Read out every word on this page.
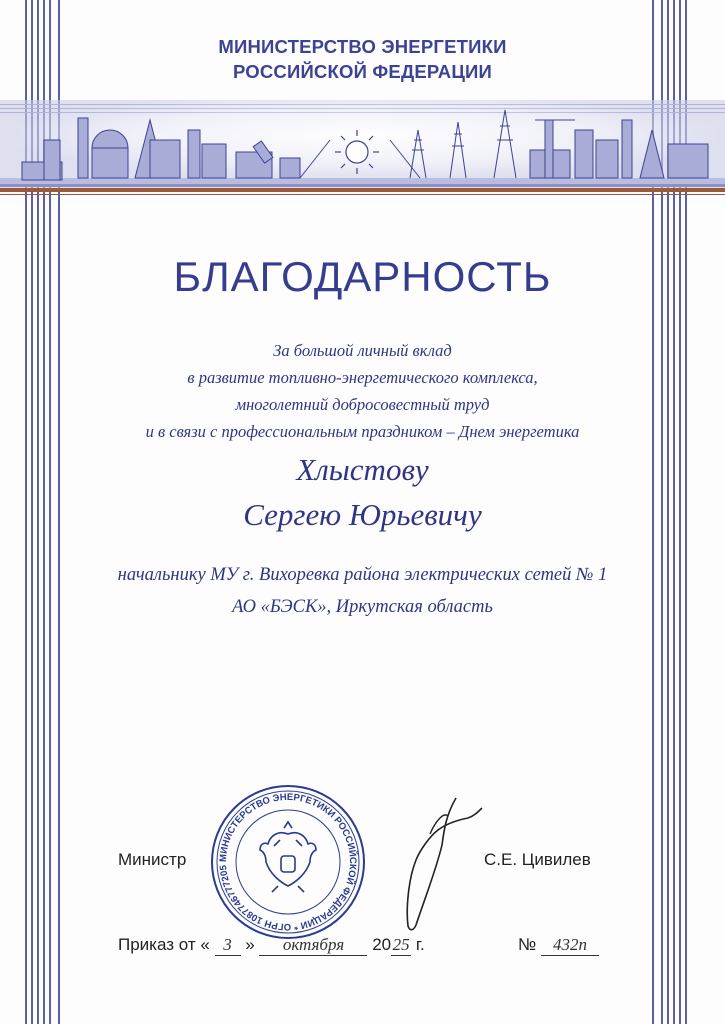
МИНИСТЕРСТВО ЭНЕРГЕТИКИ
РОССИЙСКОЙ ФЕДЕРАЦИИ
БЛАГОДАРНОСТЬ
За большой личный вклад
в развитие топливно-энергетического комплекса,
многолетний добросовестный труд
и в связи с профессиональным праздником – Днем энергетика
Хлыстову
Сергею Юрьевичу
начальнику МУ г. Вихоревка района электрических сетей № 1
АО «БЭСК», Иркутская область
МИНИСТЕРСТВО ЭНЕРГЕТИКИ РОССИЙСКОЙ ФЕДЕРАЦИИ * ОГРН 1087746777205
Министр	С.Е. Цивилев
Приказ от « 3 » октября 2025 г.	№ 432п
